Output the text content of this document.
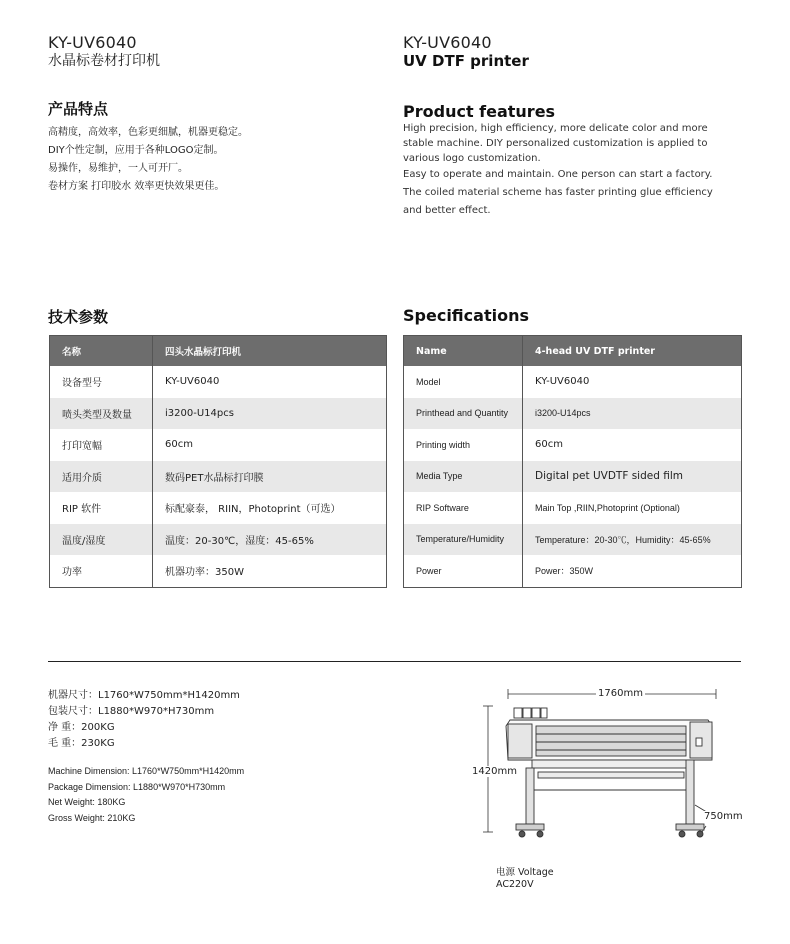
KY-UV6040
水晶标卷材打印机
KY-UV6040
UV DTF printer
产品特点
高精度，高效率，色彩更细腻，机器更稳定。
DIY个性定制，应用于各种LOGO定制。
易操作，易维护，一人可开厂。
卷材方案 打印胶水 效率更快效果更佳。
Product features
High precision, high efficiency, more delicate color and more
stable machine. DIY personalized customization is applied to
various logo customization.
Easy to operate and maintain. One person can start a factory.
The coiled material scheme has faster printing glue efficiency
and better effect.
技术参数	Specifications
名称	四头水晶标打印机
设备型号	KY-UV6040
喷头类型及数量	i3200-U14pcs
打印宽幅	60cm
适用介质	数码PET水晶标打印膜
RIP 软件	标配豪泰， RIIN，Photoprint（可选）
温度/湿度	温度：20-30℃，湿度：45-65%
功率	机器功率：350W
Name	4-head UV DTF printer
Model	KY-UV6040
Printhead and Quantity	i3200-U14pcs
Printing width	60cm
Media Type	Digital pet UVDTF sided film
RIP Software	Main Top ,RIIN,Photoprint (Optional)
Temperature/Humidity	Temperature：20-30℃，Humidity：45-65%
Power	Power：350W
机器尺寸：L1760*W750mm*H1420mm
包装尺寸：L1880*W970*H730mm
净 重：200KG
毛 重：230KG
Machine Dimension: L1760*W750mm*H1420mm
Package Dimension: L1880*W970*H730mm
Net Weight: 180KG
Gross Weight: 210KG
1760mm
1420mm
750mm
电源 Voltage
AC220V
